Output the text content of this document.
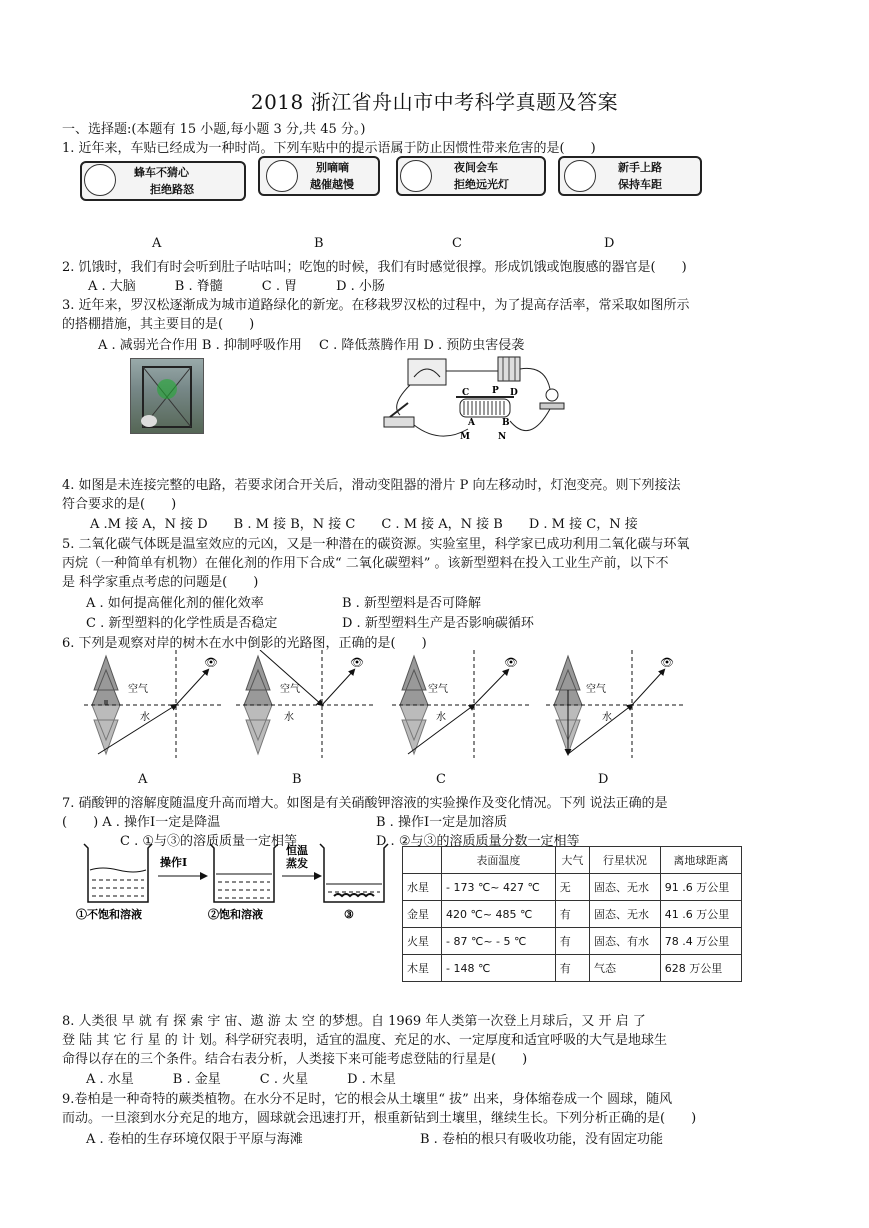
2018 浙江省舟山市中考科学真题及答案
一、选择题:(本题有 15 小题,每小题 3 分,共 45 分。)
1. 近年来，车贴已经成为一种时尚。下列车贴中的提示语属于防止因惯性带来危害的是(　　)
蜂车不猜心
拒绝路怒
别嘀嘀
越催越慢
夜间会车
拒绝远光灯
新手上路
保持车距
A	B	C	D
2. 饥饿时，我们有时会听到肚子咕咕叫；吃饱的时候，我们有时感觉很撑。形成饥饿或饱腹感的器官是(　　)
A . 大脑　　　B . 脊髓　　　C . 胃　　　D . 小肠
3. 近年来，罗汉松逐渐成为城市道路绿化的新宠。在移栽罗汉松的过程中，为了提高存活率，常采取如图所示
的搭棚措施，其主要目的是(　　)
A . 减弱光合作用 B . 抑制呼吸作用　 C . 降低蒸腾作用 D . 预防虫害侵袭
C	P D
A	B
M	N
4. 如图是未连接完整的电路，若要求闭合开关后，滑动变阻器的滑片 P 向左移动时，灯泡变亮。则下列接法
符合要求的是(　　)
A .M 接 A，N 接 D　　B . M 接 B，N 接 C　　C . M 接 A，N 接 B　　D . M 接 C，N 接
5. 二氧化碳气体既是温室效应的元凶，又是一种潜在的碳资源。实验室里，科学家已成功利用二氧化碳与环氧
丙烷（一种简单有机物）在催化剂的作用下合成“ 二氧化碳塑料” 。该新型塑料在投入工业生产前，以下不
是 科学家重点考虑的问题是(　　)
A . 如何提高催化剂的催化效率	B . 新型塑料是否可降解
C . 新型塑料的化学性质是否稳定	D . 新型塑料生产是否影响碳循环
6. 下列是观察对岸的树木在水中倒影的光路图，正确的是(　　)
👁
空气
水
👁
空气
水
👁
空气
水
👁
空气
水
A	B	C	D
7. 硝酸钾的溶解度随温度升高而增大。如图是有关硝酸钾溶液的实验操作及变化情况。下列 说法正确的是
(　　) A . 操作Ⅰ一定是降温	B . 操作Ⅰ一定是加溶质
C . ①与③的溶质质量一定相等	D . ②与③的溶质质量分数一定相等
操作Ⅰ
恒温
蒸发
①不饱和溶液	②饱和溶液	③
	表面温度	大气	行星状况	离地球距离
水星	- 173 ℃~ 427 ℃	无	固态、无水	91 .6 万公里
金星	420 ℃~ 485 ℃	有	固态、无水	41 .6 万公里
火星	- 87 ℃~ - 5 ℃	有	固态、有水	78 .4 万公里
木星	- 148 ℃	有	气态	628 万公里
8. 人类很 早 就 有 探 索 宇 宙、遨 游 太 空 的梦想。自 1969 年人类第一次登上月球后，又 开 启 了
登 陆 其 它 行 星 的 计 划。科学研究表明，适宜的温度、充足的水、一定厚度和适宜呼吸的大气是地球生
命得以存在的三个条件。结合右表分析，人类接下来可能考虑登陆的行星是(　　)
A . 水星　　　B . 金星　　　C . 火星　　　D . 木星
9.卷柏是一种奇特的蕨类植物。在水分不足时，它的根会从土壤里“ 拔” 出来，身体缩卷成一个 圆球，随风
而动。一旦滚到水分充足的地方，圆球就会迅速打开，根重新钻到土壤里，继续生长。下列分析正确的是(　　)
A . 卷柏的生存环境仅限于平原与海滩	B . 卷柏的根只有吸收功能，没有固定功能
